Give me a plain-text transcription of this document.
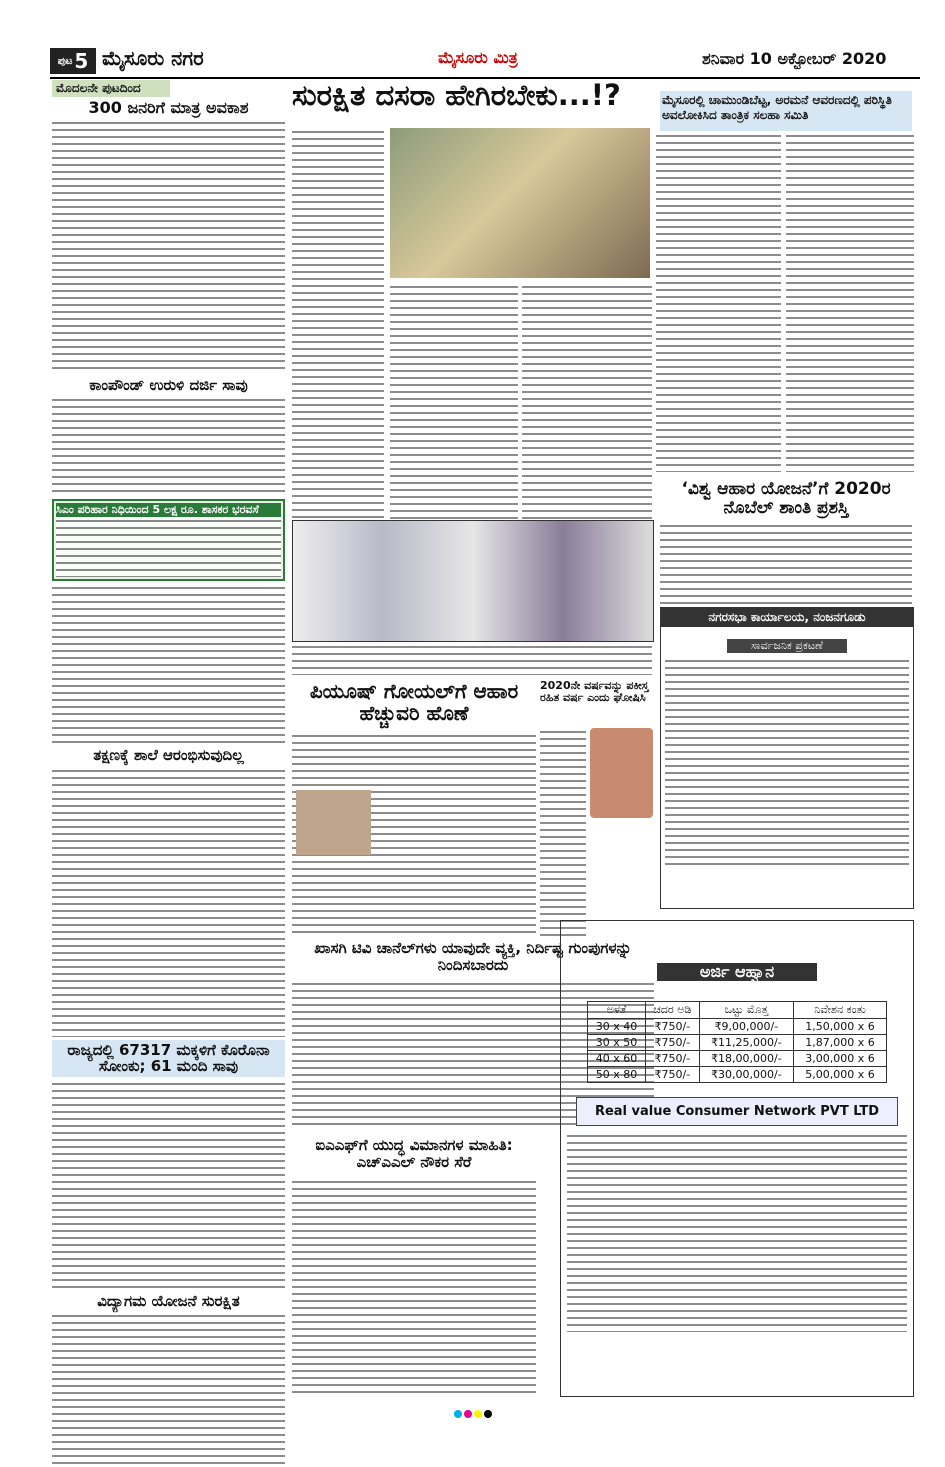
ಪುಟ 5 ಮೈಸೂರು ನಗರ	ಮೈಸೂರು ಮಿತ್ರ	ಶನಿವಾರ 10 ಅಕ್ಟೋಬರ್ 2020
ಮೊದಲನೇ ಪುಟದಿಂದ
300 ಜನರಿಗೆ ಮಾತ್ರ ಅವಕಾಶ
ಕಾಂಪೌಂಡ್ ಉರುಳಿ ದರ್ಜಿ ಸಾವು
ಸಿಎಂ ಪರಿಹಾರ ನಿಧಿಯಿಂದ 5 ಲಕ್ಷ ರೂ. ಶಾಸಕರ ಭರವಸೆ
ತಕ್ಷಣಕ್ಕೆ ಶಾಲೆ ಆರಂಭಿಸುವುದಿಲ್ಲ
ರಾಜ್ಯದಲ್ಲಿ 67317 ಮಕ್ಕಳಿಗೆ ಕೊರೊನಾ ಸೋಂಕು; 61 ಮಂದಿ ಸಾವು
ವಿದ್ಯಾಗಮ ಯೋಜನೆ ಸುರಕ್ಷಿತ
ಸುರಕ್ಷಿತ ದಸರಾ ಹೇಗಿರಬೇಕು...!?	ಮೈಸೂರಲ್ಲಿ ಚಾಮುಂಡಿಬೆಟ್ಟ, ಅರಮನೆ ಆವರಣದಲ್ಲಿ ಪರಿಸ್ಥಿತಿ ಅವಲೋಕಿಸಿದ ತಾಂತ್ರಿಕ ಸಲಹಾ ಸಮಿತಿ
‘ವಿಶ್ವ ಆಹಾರ ಯೋಜನೆ’ಗೆ 2020ರ ನೊಬೆಲ್ ಶಾಂತಿ ಪ್ರಶಸ್ತಿ
ನಗರಸಭಾ ಕಾರ್ಯಾಲಯ, ನಂಜನಗೂಡು
ಸಾರ್ವಜನಿಕ ಪ್ರಕಟಣೆ
ಪಿಯೂಷ್ ಗೋಯಲ್‌ಗೆ ಆಹಾರ ಹೆಚ್ಚುವರಿ ಹೊಣೆ
2020ನೇ ವರ್ಷವನ್ನು ಪಕೀಸ್ತ ರಹಿತ ವರ್ಷ ಎಂದು ಘೋಷಿಸಿ
ಖಾಸಗಿ ಟಿವಿ ಚಾನೆಲ್‌ಗಳು ಯಾವುದೇ ವ್ಯಕ್ತಿ, ನಿರ್ದಿಷ್ಟ ಗುಂಪುಗಳನ್ನು ನಿಂದಿಸಬಾರದು
ಐಎಎಫ್‌ಗೆ ಯುದ್ಧ ವಿಮಾನಗಳ ಮಾಹಿತಿ: ಎಚ್‌ಎಎಲ್ ನೌಕರ ಸೆರೆ
ಅರ್ಜಿ ಆಹ್ವಾನ
ಅಳತೆ	ಚದರ ಅಡಿ	ಒಟ್ಟು ಮೊತ್ತ	ನಿವೇಶನ ಕಂತು
30 x 40	₹750/-	₹9,00,000/-	1,50,000 x 6
30 x 50	₹750/-	₹11,25,000/-	1,87,000 x 6
40 x 60	₹750/-	₹18,00,000/-	3,00,000 x 6
50 x 80	₹750/-	₹30,00,000/-	5,00,000 x 6
Real value Consumer Network PVT LTD
